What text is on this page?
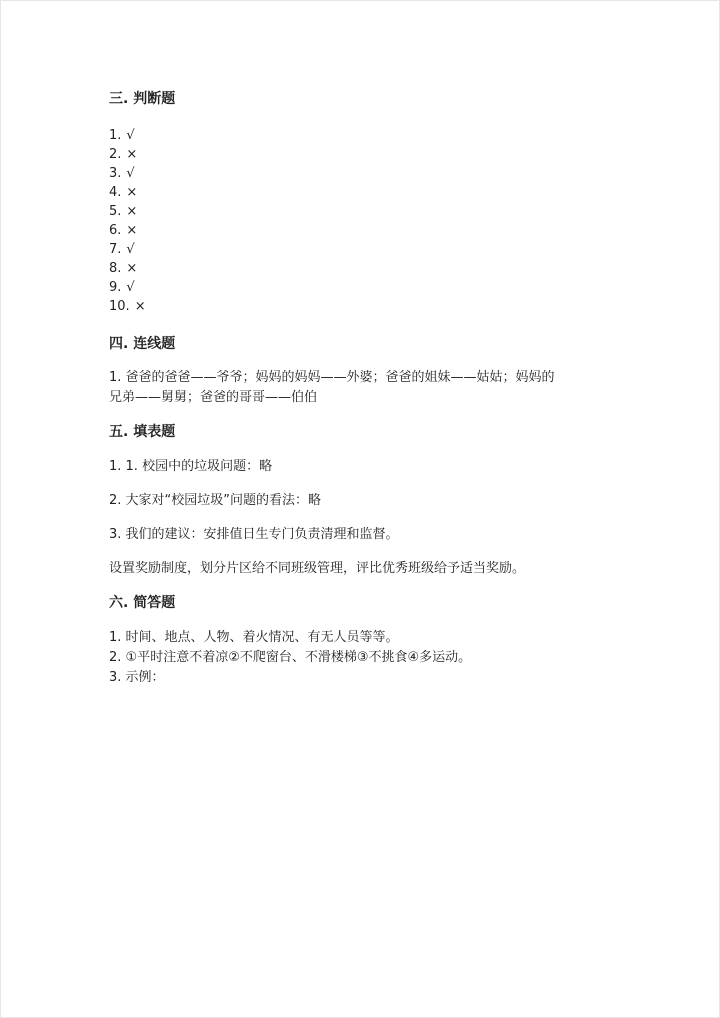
三. 判断题
1. √
2. ×
3. √
4. ×
5. ×
6. ×
7. √
8. ×
9. √
10. ×
四. 连线题
1. 爸爸的爸爸——爷爷；妈妈的妈妈——外婆；爸爸的姐妹——姑姑；妈妈的
兄弟——舅舅；爸爸的哥哥——伯伯
五. 填表题
1. 1. 校园中的垃圾问题：略
2. 大家对“校园垃圾”问题的看法：略
3. 我们的建议：安排值日生专门负责清理和监督。
设置奖励制度，划分片区给不同班级管理，评比优秀班级给予适当奖励。
六. 简答题
1. 时间、地点、人物、着火情况、有无人员等等。
2. ①平时注意不着凉②不爬窗台、不滑楼梯③不挑食④多运动。
3. 示例：
